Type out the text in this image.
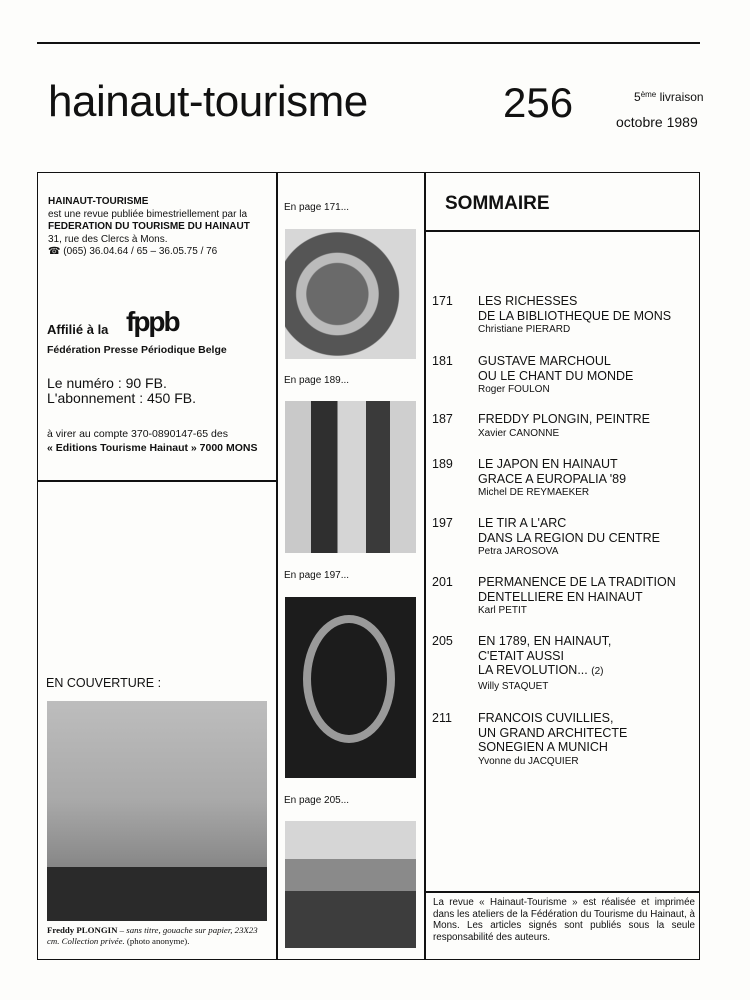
hainaut-tourisme	256	5ème livraison
octobre 1989
HAINAUT-TOURISME
est une revue publiée bimestriellement par la
FEDERATION DU TOURISME DU HAINAUT
31, rue des Clercs à Mons.
☎ (065) 36.04.64 / 65 – 36.05.75 / 76
Affilié à la fppb
Fédération Presse Périodique Belge
Le numéro : 90 FB.
L'abonnement : 450 FB.
à virer au compte 370-0890147-65 des
« Editions Tourisme Hainaut » 7000 MONS
EN COUVERTURE :
Freddy PLONGIN – sans titre, gouache sur papier, 23X23 cm. Collection privée. (photo anonyme).
En page 171...
En page 189...
En page 197...
En page 205...
SOMMAIRE
171	LES RICHESSES
DE LA BIBLIOTHEQUE DE MONS
Christiane PIERARD
181	GUSTAVE MARCHOUL
OU LE CHANT DU MONDE
Roger FOULON
187	FREDDY PLONGIN, PEINTRE
Xavier CANONNE
189	LE JAPON EN HAINAUT
GRACE A EUROPALIA '89
Michel DE REYMAEKER
197	LE TIR A L'ARC
DANS LA REGION DU CENTRE
Petra JAROSOVA
201	PERMANENCE DE LA TRADITION
DENTELLIERE EN HAINAUT
Karl PETIT
205	EN 1789, EN HAINAUT,
C'ETAIT AUSSI
LA REVOLUTION... (2)
Willy STAQUET
211	FRANCOIS CUVILLIES,
UN GRAND ARCHITECTE
SONEGIEN A MUNICH
Yvonne du JACQUIER
La revue « Hainaut-Tourisme » est réalisée et imprimée dans les ateliers de la Fédération du Tourisme du Hainaut, à Mons. Les articles signés sont publiés sous la seule responsabilité des auteurs.
